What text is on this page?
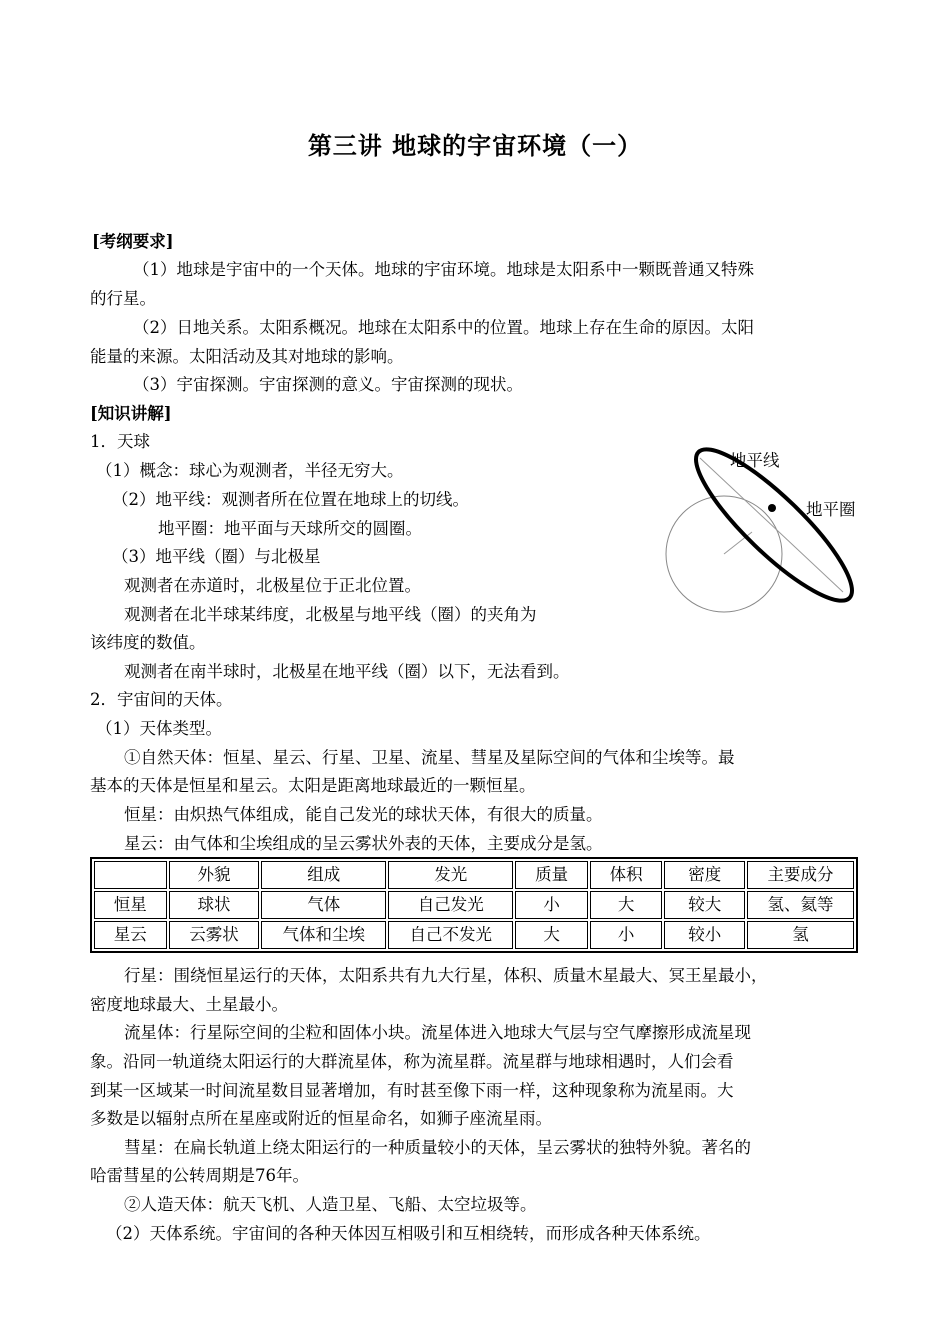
第三讲 地球的宇宙环境（一）
[考纲要求]
（1）地球是宇宙中的一个天体。地球的宇宙环境。地球是太阳系中一颗既普通又特殊
的行星。
（2）日地关系。太阳系概况。地球在太阳系中的位置。地球上存在生命的原因。太阳
能量的来源。太阳活动及其对地球的影响。
（3）宇宙探测。宇宙探测的意义。宇宙探测的现状。
[知识讲解]
1．天球
（1）概念：球心为观测者，半径无穷大。
（2）地平线：观测者所在位置在地球上的切线。
地平圈：地平面与天球所交的圆圈。
（3）地平线（圈）与北极星
观测者在赤道时，北极星位于正北位置。
观测者在北半球某纬度，北极星与地平线（圈）的夹角为
该纬度的数值。
观测者在南半球时，北极星在地平线（圈）以下，无法看到。
2．宇宙间的天体。
（1）天体类型。
①自然天体：恒星、星云、行星、卫星、流星、彗星及星际空间的气体和尘埃等。最
基本的天体是恒星和星云。太阳是距离地球最近的一颗恒星。
恒星：由炽热气体组成，能自己发光的球状天体，有很大的质量。
星云：由气体和尘埃组成的呈云雾状外表的天体，主要成分是氢。
地平线
地平圈
	外貌	组成	发光	质量	体积	密度	主要成分
恒星	球状	气体	自己发光	小	大	较大	氢、氦等
星云	云雾状	气体和尘埃	自己不发光	大	小	较小	氢
行星：围绕恒星运行的天体，太阳系共有九大行星，体积、质量木星最大、冥王星最小，
密度地球最大、土星最小。
流星体：行星际空间的尘粒和固体小块。流星体进入地球大气层与空气摩擦形成流星现
象。沿同一轨道绕太阳运行的大群流星体，称为流星群。流星群与地球相遇时，人们会看
到某一区域某一时间流星数目显著增加，有时甚至像下雨一样，这种现象称为流星雨。大
多数是以辐射点所在星座或附近的恒星命名，如狮子座流星雨。
彗星：在扁长轨道上绕太阳运行的一种质量较小的天体，呈云雾状的独特外貌。著名的
哈雷彗星的公转周期是76年。
②人造天体：航天飞机、人造卫星、飞船、太空垃圾等。
（2）天体系统。宇宙间的各种天体因互相吸引和互相绕转，而形成各种天体系统。
